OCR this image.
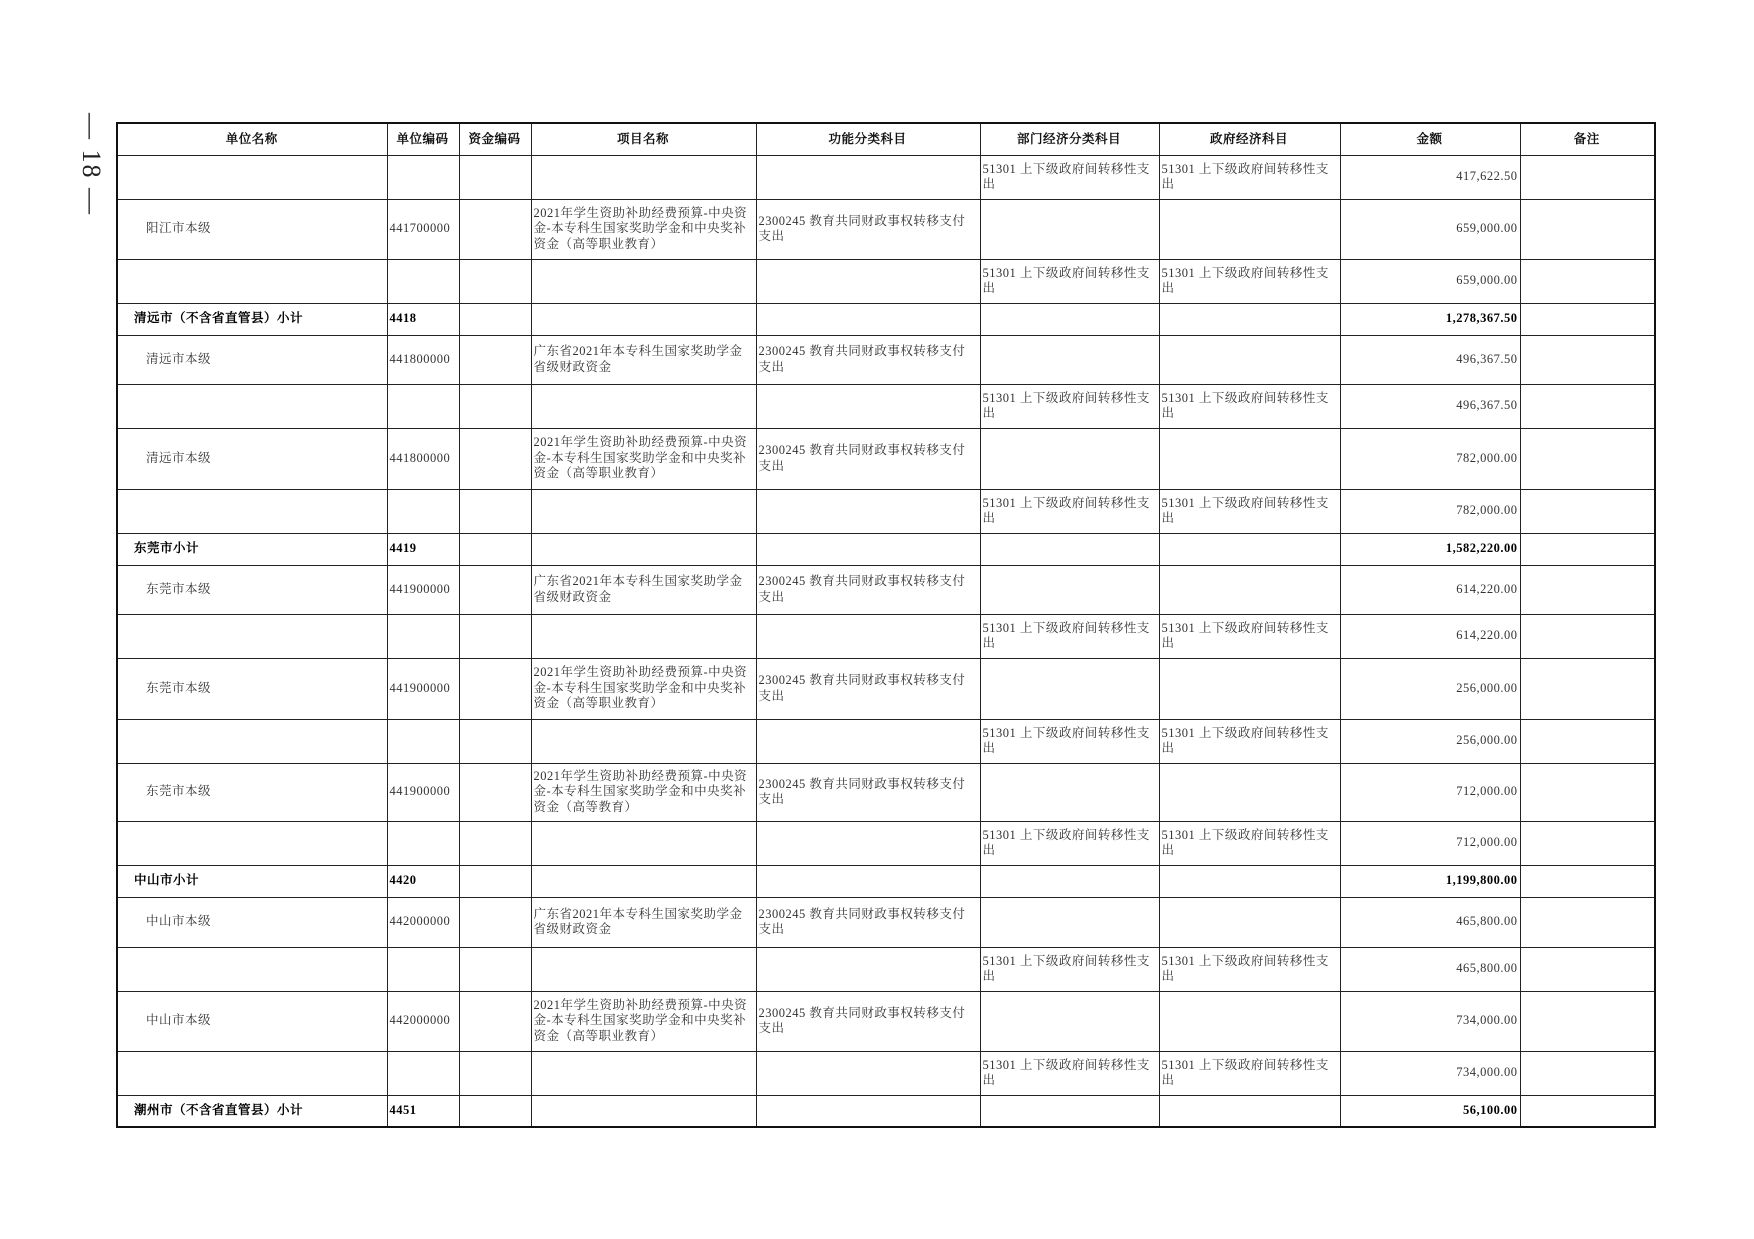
— 18 —	单位名称	单位编码	资金编码	项目名称	功能分类科目	部门经济分类科目	政府经济科目	金额	备注
					51301 上下级政府间转移性支出	51301 上下级政府间转移性支出	417,622.50	
阳江市本级	441700000		2021年学生资助补助经费预算-中央资金-本专科生国家奖助学金和中央奖补资金（高等职业教育）	2300245 教育共同财政事权转移支付支出			659,000.00	
					51301 上下级政府间转移性支出	51301 上下级政府间转移性支出	659,000.00	
清远市（不含省直管县）小计	4418						1,278,367.50	
清远市本级	441800000		广东省2021年本专科生国家奖助学金省级财政资金	2300245 教育共同财政事权转移支付支出			496,367.50	
					51301 上下级政府间转移性支出	51301 上下级政府间转移性支出	496,367.50	
清远市本级	441800000		2021年学生资助补助经费预算-中央资金-本专科生国家奖助学金和中央奖补资金（高等职业教育）	2300245 教育共同财政事权转移支付支出			782,000.00	
					51301 上下级政府间转移性支出	51301 上下级政府间转移性支出	782,000.00	
东莞市小计	4419						1,582,220.00	
东莞市本级	441900000		广东省2021年本专科生国家奖助学金省级财政资金	2300245 教育共同财政事权转移支付支出			614,220.00	
					51301 上下级政府间转移性支出	51301 上下级政府间转移性支出	614,220.00	
东莞市本级	441900000		2021年学生资助补助经费预算-中央资金-本专科生国家奖助学金和中央奖补资金（高等职业教育）	2300245 教育共同财政事权转移支付支出			256,000.00	
					51301 上下级政府间转移性支出	51301 上下级政府间转移性支出	256,000.00	
东莞市本级	441900000		2021年学生资助补助经费预算-中央资金-本专科生国家奖助学金和中央奖补资金（高等教育）	2300245 教育共同财政事权转移支付支出			712,000.00	
					51301 上下级政府间转移性支出	51301 上下级政府间转移性支出	712,000.00	
中山市小计	4420						1,199,800.00	
中山市本级	442000000		广东省2021年本专科生国家奖助学金省级财政资金	2300245 教育共同财政事权转移支付支出			465,800.00	
					51301 上下级政府间转移性支出	51301 上下级政府间转移性支出	465,800.00	
中山市本级	442000000		2021年学生资助补助经费预算-中央资金-本专科生国家奖助学金和中央奖补资金（高等职业教育）	2300245 教育共同财政事权转移支付支出			734,000.00	
					51301 上下级政府间转移性支出	51301 上下级政府间转移性支出	734,000.00	
潮州市（不含省直管县）小计	4451						56,100.00	
